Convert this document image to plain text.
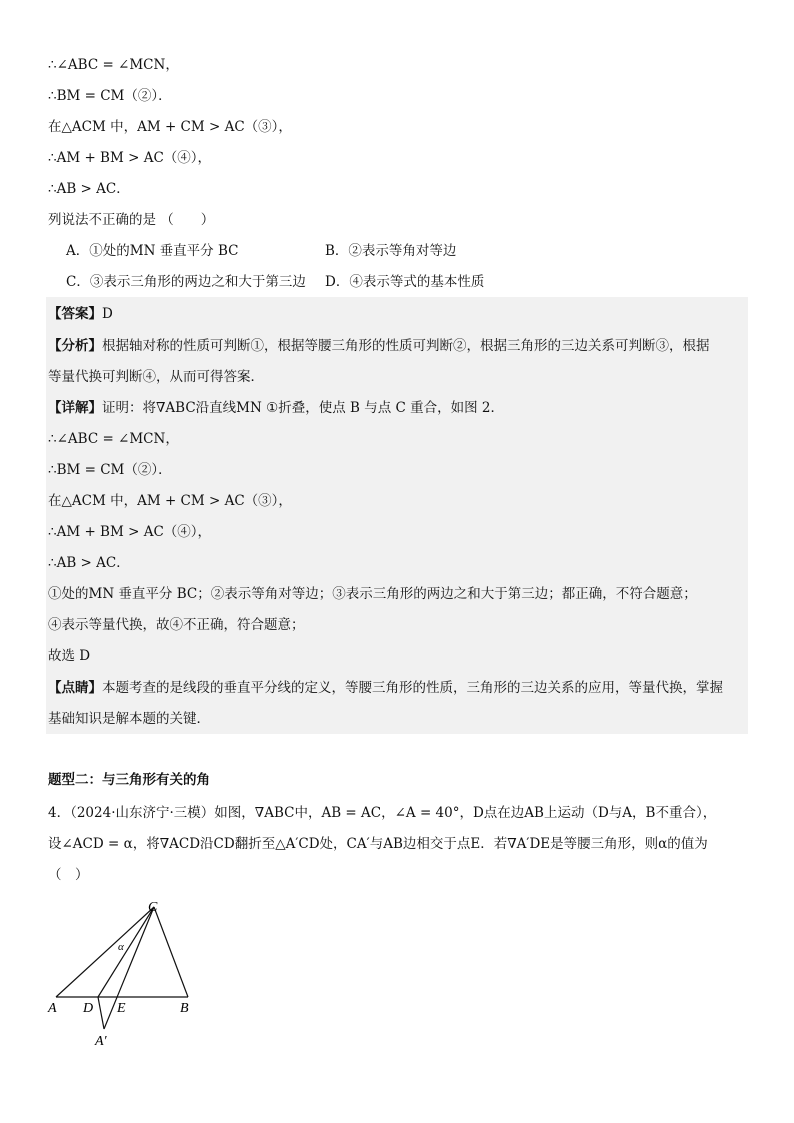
∴∠ABC = ∠MCN，
∴BM = CM（②）．
在△ACM 中，AM + CM > AC（③），
∴AM + BM > AC（④），
∴AB > AC．
列说法不正确的是 （　　）
A．①处的MN 垂直平分 BC	B．②表示等角对等边
C．③表示三角形的两边之和大于第三边 D．④表示等式的基本性质
【答案】D
【分析】根据轴对称的性质可判断①，根据等腰三角形的性质可判断②，根据三角形的三边关系可判断③，根据
等量代换可判断④，从而可得答案．
【详解】证明：将∇ABC沿直线MN ①折叠，使点 B 与点 C 重合，如图 2．
∴∠ABC = ∠MCN，
∴BM = CM（②）．
在△ACM 中，AM + CM > AC（③），
∴AM + BM > AC（④），
∴AB > AC．
①处的MN 垂直平分 BC；②表示等角对等边；③表示三角形的两边之和大于第三边；都正确，不符合题意；
④表示等量代换，故④不正确，符合题意；
故选 D
【点睛】本题考查的是线段的垂直平分线的定义，等腰三角形的性质，三角形的三边关系的应用，等量代换，掌握
基础知识是解本题的关键．
题型二：与三角形有关的角
4．（2024·山东济宁·三模）如图，∇ABC中，AB = AC，∠A = 40°，D点在边AB上运动（D与A，B不重合），
设∠ACD = α，将∇ACD沿CD翻折至△A′CD处，CA′与AB边相交于点E．若∇A′DE是等腰三角形，则α的值为
（　）
C
α
A D E	B
A′
